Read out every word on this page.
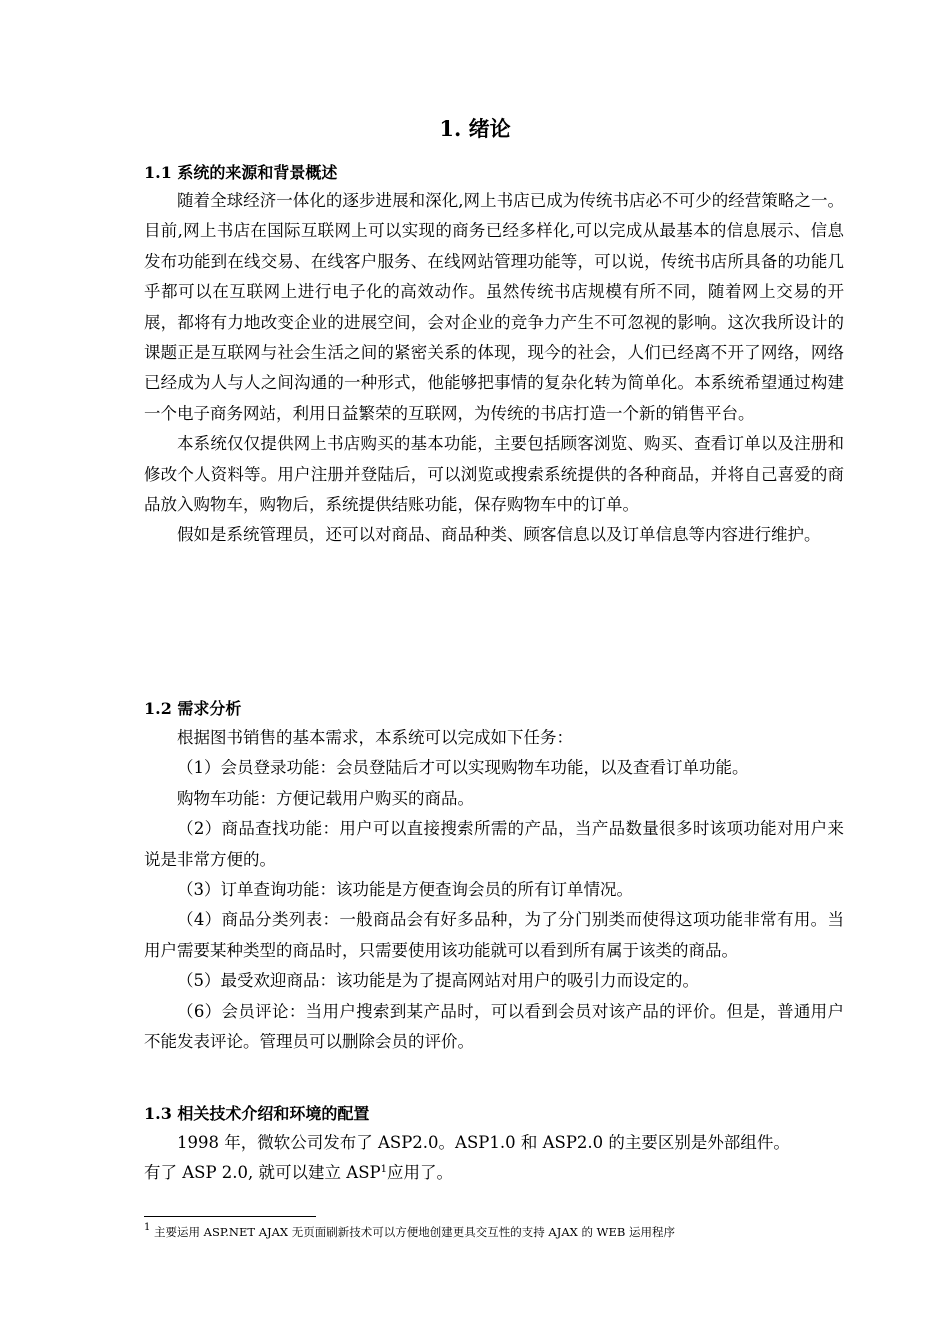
1. 绪论
1.1 系统的来源和背景概述

随着全球经济一体化的逐步进展和深化,网上书店已成为传统书店必不可少的经营策略之一。目前,网上书店在国际互联网上可以实现的商务已经多样化,可以完成从最基本的信息展示、信息发布功能到在线交易、在线客户服务、在线网站管理功能等，可以说，传统书店所具备的功能几乎都可以在互联网上进行电子化的高效动作。虽然传统书店规模有所不同，随着网上交易的开展，都将有力地改变企业的进展空间，会对企业的竞争力产生不可忽视的影响。这次我所设计的课题正是互联网与社会生活之间的紧密关系的体现，现今的社会，人们已经离不开了网络，网络已经成为人与人之间沟通的一种形式，他能够把事情的复杂化转为简单化。本系统希望通过构建一个电子商务网站，利用日益繁荣的互联网，为传统的书店打造一个新的销售平台。

本系统仅仅提供网上书店购买的基本功能，主要包括顾客浏览、购买、查看订单以及注册和修改个人资料等。用户注册并登陆后，可以浏览或搜索系统提供的各种商品，并将自己喜爱的商品放入购物车，购物后，系统提供结账功能，保存购物车中的订单。

假如是系统管理员，还可以对商品、商品种类、顾客信息以及订单信息等内容进行维护。

1.2 需求分析

根据图书销售的基本需求，本系统可以完成如下任务：

（1）会员登录功能：会员登陆后才可以实现购物车功能，以及查看订单功能。

购物车功能：方便记载用户购买的商品。

（2）商品查找功能：用户可以直接搜索所需的产品，当产品数量很多时该项功能对用户来说是非常方便的。

（3）订单查询功能：该功能是方便查询会员的所有订单情况。

（4）商品分类列表：一般商品会有好多品种，为了分门别类而使得这项功能非常有用。当用户需要某种类型的商品时，只需要使用该功能就可以看到所有属于该类的商品。

（5）最受欢迎商品：该功能是为了提高网站对用户的吸引力而设定的。

（6）会员评论：当用户搜索到某产品时，可以看到会员对该产品的评价。但是，普通用户不能发表评论。管理员可以删除会员的评价。

1.3 相关技术介绍和环境的配置

1998 年，微软公司发布了 ASP2.0。ASP1.0 和 ASP2.0 的主要区别是外部组件。

有了 ASP 2.0, 就可以建立 ASP$^1$应用了。

$^1$ 主要运用 ASP.NET AJAX 无页面刷新技术可以方便地创建更具交互性的支持 AJAX 的 WEB 运用程序
